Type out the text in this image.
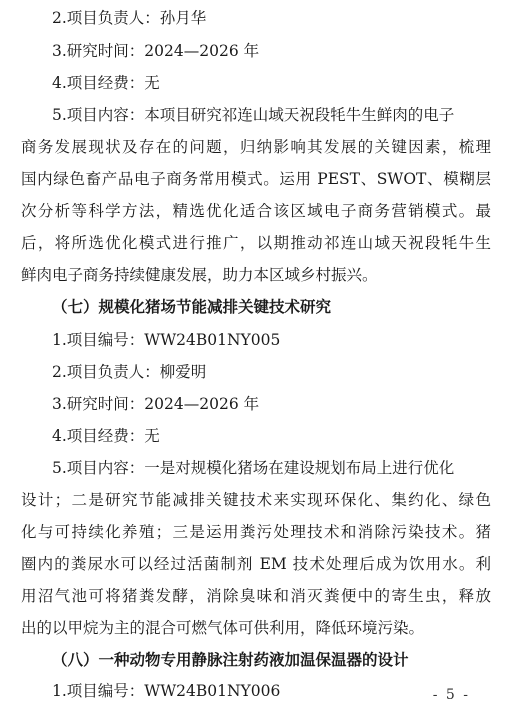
2.项目负责人：孙月华
3.研究时间：2024—2026 年
4.项目经费：无
5.项目内容：本项目研究祁连山域天祝段牦牛生鲜肉的电子
商务发展现状及存在的问题，归纳影响其发展的关键因素，梳理
国内绿色畜产品电子商务常用模式。运用 PEST、SWOT、模糊层
次分析等科学方法，精选优化适合该区域电子商务营销模式。最
后，将所选优化模式进行推广，以期推动祁连山域天祝段牦牛生
鲜肉电子商务持续健康发展，助力本区域乡村振兴。
（七）规模化猪场节能减排关键技术研究
1.项目编号：WW24B01NY005
2.项目负责人：柳爱明
3.研究时间：2024—2026 年
4.项目经费：无
5.项目内容：一是对规模化猪场在建设规划布局上进行优化
设计；二是研究节能减排关键技术来实现环保化、集约化、绿色
化与可持续化养殖；三是运用粪污处理技术和消除污染技术。猪
圈内的粪尿水可以经过活菌制剂 EM 技术处理后成为饮用水。利
用沼气池可将猪粪发酵，消除臭味和消灭粪便中的寄生虫，释放
出的以甲烷为主的混合可燃气体可供利用，降低环境污染。
（八）一种动物专用静脉注射药液加温保温器的设计
1.项目编号：WW24B01NY006	- 5 -
